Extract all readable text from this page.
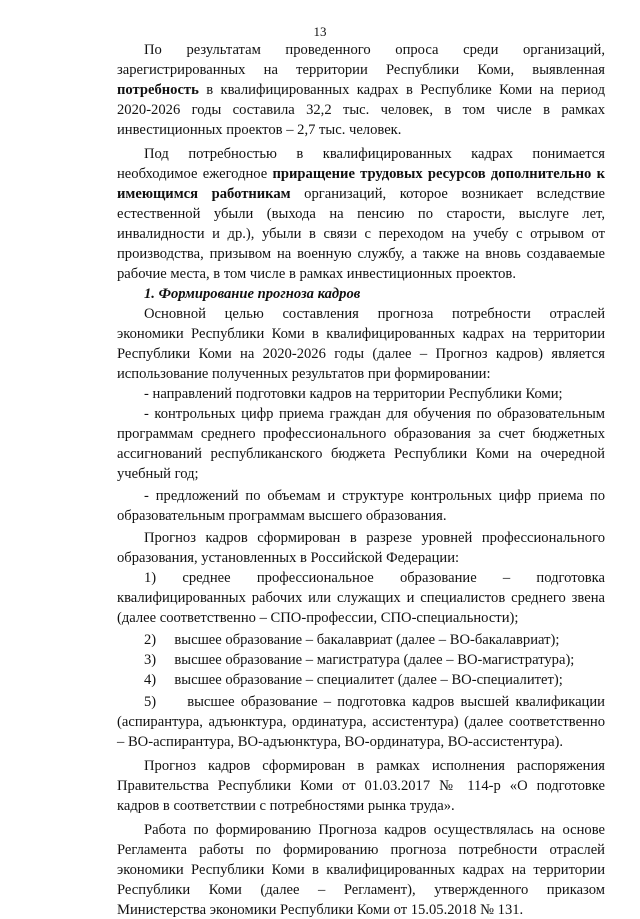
13
По результатам проведенного опроса среди организаций,
зарегистрированных на территории Республики Коми, выявленная
потребность в квалифицированных кадрах в Республике Коми на период
2020-2026 годы составила 32,2 тыс. человек, в том числе в рамках
инвестиционных проектов – 2,7 тыс. человек.
Под потребностью в квалифицированных кадрах понимается
необходимое ежегодное приращение трудовых ресурсов дополнительно к
имеющимся работникам организаций, которое возникает вследствие
естественной убыли (выхода на пенсию по старости, выслуге лет,
инвалидности и др.), убыли в связи с переходом на учебу с отрывом от
производства, призывом на военную службу, а также на вновь создаваемые
рабочие места, в том числе в рамках инвестиционных проектов.
1. Формирование прогноза кадров
Основной целью составления прогноза потребности отраслей
экономики Республики Коми в квалифицированных кадрах на территории
Республики Коми на 2020-2026 годы (далее – Прогноз кадров) является
использование полученных результатов при формировании:
- направлений подготовки кадров на территории Республики Коми;
- контрольных цифр приема граждан для обучения по образовательным
программам среднего профессионального образования за счет бюджетных
ассигнований республиканского бюджета Республики Коми на очередной
учебный год;
- предложений по объемам и структуре контрольных цифр приема по
образовательным программам высшего образования.
Прогноз кадров сформирован в разрезе уровней профессионального
образования, установленных в Российской Федерации:
1) среднее профессиональное образование – подготовка
квалифицированных рабочих или служащих и специалистов среднего звена
(далее соответственно – СПО-профессии, СПО-специальности);
2)     высшее образование – бакалавриат (далее – ВО-бакалавриат);
3)     высшее образование – магистратура (далее – ВО-магистратура);
4)     высшее образование – специалитет (далее – ВО-специалитет);
5)     высшее образование – подготовка кадров высшей квалификации
(аспирантура, адъюнктура, ординатура, ассистентура) (далее соответственно
– ВО-аспирантура, ВО-адъюнктура, ВО-ординатура, ВО-ассистентура).
Прогноз кадров сформирован в рамках исполнения распоряжения
Правительства Республики Коми от 01.03.2017 № 114-р «О подготовке
кадров в соответствии с потребностями рынка труда».
Работа по формированию Прогноза кадров осуществлялась на основе
Регламента работы по формированию прогноза потребности отраслей
экономики Республики Коми в квалифицированных кадрах на территории
Республики Коми (далее – Регламент), утвержденного приказом
Министерства экономики Республики Коми от 15.05.2018 № 131.
